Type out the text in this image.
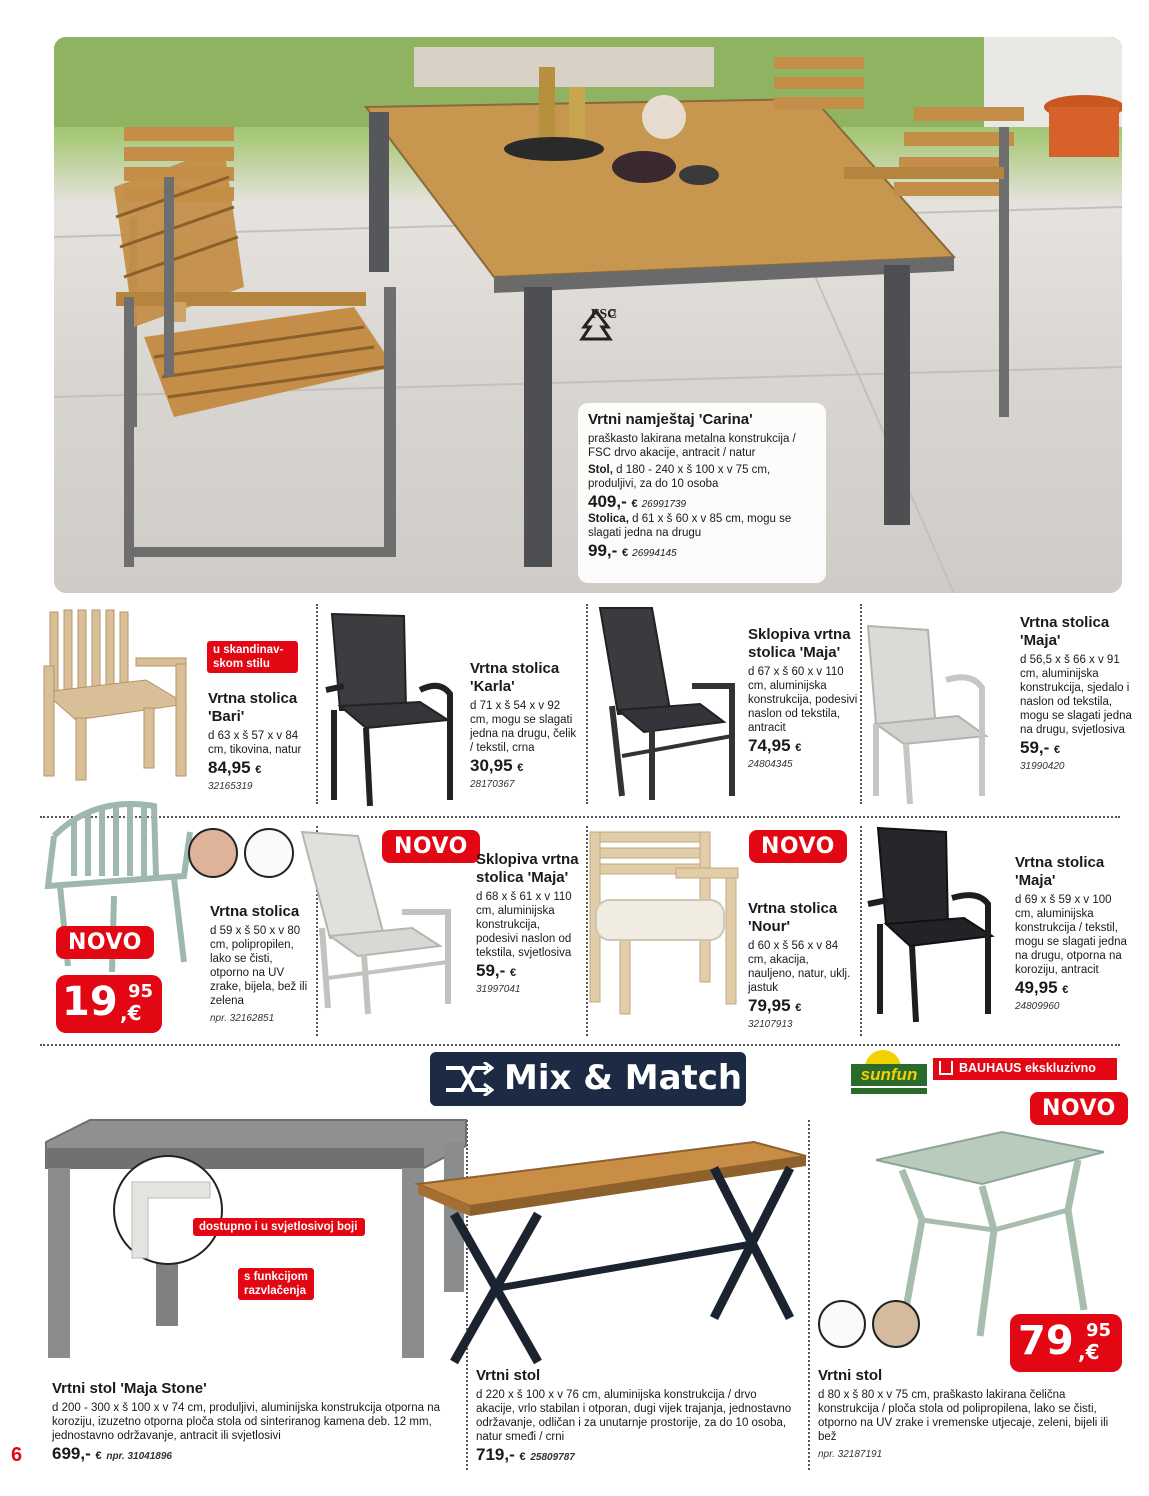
FSC
Vrtni namještaj 'Carina'
praškasto lakirana metalna konstrukcija / FSC drvo akacije, antracit / natur
Stol, d 180 - 240 x š 100 x v 75 cm, produljivi, za do 10 osoba
409,- € 26991739
Stolica, d 61 x š 60 x v 85 cm, mogu se slagati jedna na drugu
99,- € 26994145
u skandinav-skom stilu
Vrtna stolica 'Bari'
d 63 x š 57 x v 84 cm, tikovina, natur
84,95 €
32165319
Vrtna stolica 'Karla'
d 71 x š 54 x v 92 cm, mogu se slagati jedna na drugu, čelik / tekstil, crna
30,95 €
28170367
Sklopiva vrtna stolica 'Maja'
d 67 x š 60 x v 110 cm, aluminijska konstrukcija, podesivi naslon od tekstila, antracit
74,95 €
24804345
Vrtna stolica 'Maja'
d 56,5 x š 66 x v 91 cm, aluminijska konstrukcija, sjedalo i naslon od tekstila, mogu se slagati jedna na drugu, svjetlosiva
59,- €
31990420
NOVO
19 95
,€
Vrtna stolica
d 59 x š 50 x v 80 cm, polipropilen, lako se čisti, otporno na UV zrake, bijela, bež ili zelena
npr. 32162851
NOVO
Sklopiva vrtna stolica 'Maja'
d 68 x š 61 x v 110 cm, aluminijska konstrukcija, podesivi naslon od tekstila, svjetlosiva
59,- €
31997041
NOVO
Vrtna stolica 'Nour'
d 60 x š 56 x v 84 cm, akacija, nauljeno, natur, uklj. jastuk
79,95 €
32107913
Vrtna stolica 'Maja'
d 69 x š 59 x v 100 cm, aluminijska konstrukcija / tekstil, mogu se slagati jedna na drugu, otporna na koroziju, antracit
49,95 €
24809960
Mix & Match	sunfun	BAUHAUS ekskluzivno
dostupno i u svjetlosivoj boji
s funkcijom razvlačenja
Vrtni stol 'Maja Stone'
d 200 - 300 x š 100 x v 74 cm, produljivi, aluminijska konstrukcija otporna na koroziju, izuzetno otporna ploča stola od sinteriranog kamena deb. 12 mm, jednostavno održavanje, antracit ili svjetlosivi
699,- € npr. 31041896
Vrtni stol
d 220 x š 100 x v 76 cm, aluminijska konstrukcija / drvo akacije, vrlo stabilan i otporan, dugi vijek trajanja, jednostavno održavanje, odličan i za unutarnje prostorije, za do 10 osoba, natur smeđi / crni
719,- € 25809787
NOVO
79 95
,€
Vrtni stol
d 80 x š 80 x v 75 cm, praškasto lakirana čelična konstrukcija / ploča stola od polipropilena, lako se čisti, otporno na UV zrake i vremenske utjecaje, zeleni, bijeli ili bež
npr. 32187191
6
